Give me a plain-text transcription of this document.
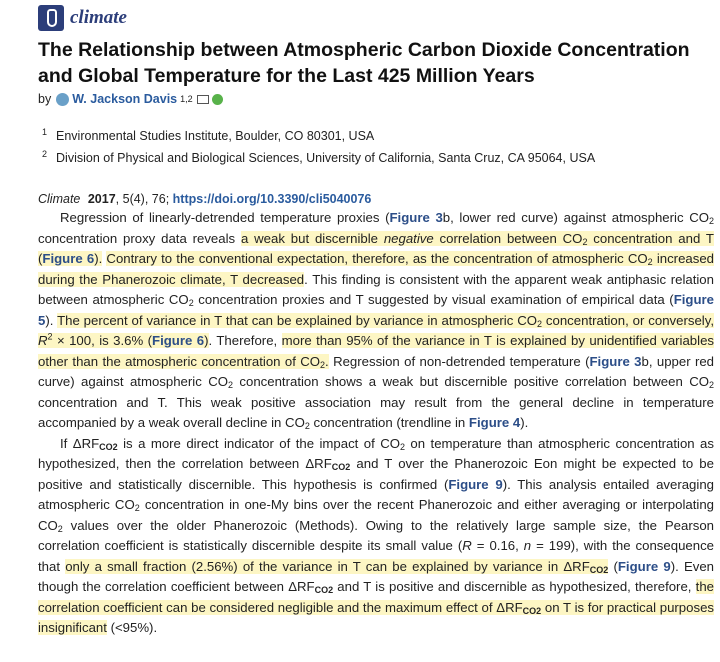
climate
The Relationship between Atmospheric Carbon Dioxide Concentration and Global Temperature for the Last 425 Million Years
by W. Jackson Davis 1,2
$^1$ Environmental Studies Institute, Boulder, CO 80301, USA
$^2$ Division of Physical and Biological Sciences, University of California, Santa Cruz, CA 95064, USA
Climate 2017, 5(4), 76; https://doi.org/10.3390/cli5040076

Regression of linearly-detrended temperature proxies (Figure 3b, lower red curve) against atmospheric $CO_2$ concentration proxy data reveals a weak but discernible negative correlation between $CO_2$ concentration and T (Figure 6). Contrary to the conventional expectation, therefore, as the concentration of atmospheric $CO_2$ increased during the Phanerozoic climate, T decreased. This finding is consistent with the apparent weak antiphasic relation between atmospheric $CO_2$ concentration proxies and T suggested by visual examination of empirical data (Figure 5). The percent of variance in T that can be explained by variance in atmospheric $CO_2$ concentration, or conversely, $R^2 \times 100$, is 3.6% (Figure 6). Therefore, more than 95% of the variance in T is explained by unidentified variables other than the atmospheric concentration of $CO_2$. Regression of non-detrended temperature (Figure 3b, upper red curve) against atmospheric $CO_2$ concentration shows a weak but discernible positive correlation between $CO_2$ concentration and T. This weak positive association may result from the general decline in temperature accompanied by a weak overall decline in $CO_2$ concentration (trendline in Figure 4).

If ΔRFCO2 is a more direct indicator of the impact of $CO_2$ on temperature than atmospheric concentration as hypothesized, then the correlation between ΔRFCO2 and T over the Phanerozoic Eon might be expected to be positive and statistically discernible. This hypothesis is confirmed (Figure 9). This analysis entailed averaging atmospheric $CO_2$ concentration in one-My bins over the recent Phanerozoic and either averaging or interpolating $CO_2$ values over the older Phanerozoic (Methods). Owing to the relatively large sample size, the Pearson correlation coefficient is statistically discernible despite its small value (R = 0.16, n = 199), with the consequence that only a small fraction (2.56%) of the variance in T can be explained by variance in ΔRFCO2 (Figure 9). Even though the correlation coefficient between ΔRFCO2 and T is positive and discernible as hypothesized, therefore, the correlation coefficient can be considered negligible and the maximum effect of ΔRFCO2 on T is for practical purposes insignificant (<95%).
